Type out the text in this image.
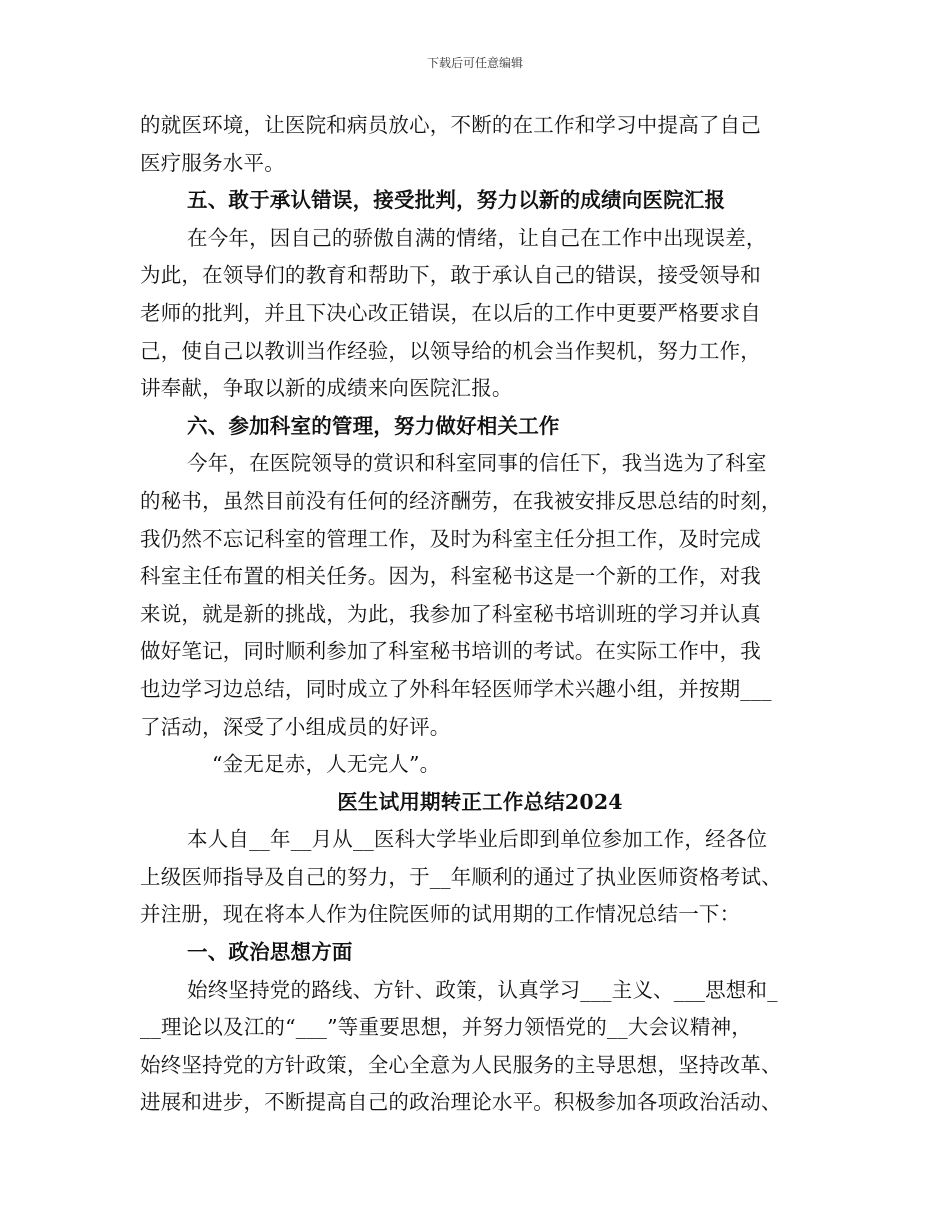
下载后可任意编辑
的就医环境，让医院和病员放心，不断的在工作和学习中提高了自己
医疗服务水平。
五、敢于承认错误，接受批判，努力以新的成绩向医院汇报
在今年，因自己的骄傲自满的情绪，让自己在工作中出现误差，
为此，在领导们的教育和帮助下，敢于承认自己的错误，接受领导和
老师的批判，并且下决心改正错误，在以后的工作中更要严格要求自
己，使自己以教训当作经验，以领导给的机会当作契机，努力工作，
讲奉献，争取以新的成绩来向医院汇报。
六、参加科室的管理，努力做好相关工作
今年，在医院领导的赏识和科室同事的信任下，我当选为了科室
的秘书，虽然目前没有任何的经济酬劳，在我被安排反思总结的时刻，
我仍然不忘记科室的管理工作，及时为科室主任分担工作，及时完成
科室主任布置的相关任务。因为，科室秘书这是一个新的工作，对我
来说，就是新的挑战，为此，我参加了科室秘书培训班的学习并认真
做好笔记，同时顺利参加了科室秘书培训的考试。在实际工作中，我
也边学习边总结，同时成立了外科年轻医师学术兴趣小组，并按期___
了活动，深受了小组成员的好评。
“金无足赤，人无完人”。
医生试用期转正工作总结2024
本人自__年__月从__医科大学毕业后即到单位参加工作，经各位
上级医师指导及自己的努力，于__年顺利的通过了执业医师资格考试、
并注册，现在将本人作为住院医师的试用期的工作情况总结一下：
一、政治思想方面
始终坚持党的路线、方针、政策，认真学习___主义、___思想和_
__理论以及江的“___”等重要思想，并努力领悟党的__大会议精神，
始终坚持党的方针政策，全心全意为人民服务的主导思想，坚持改革、
进展和进步，不断提高自己的政治理论水平。积极参加各项政治活动、
